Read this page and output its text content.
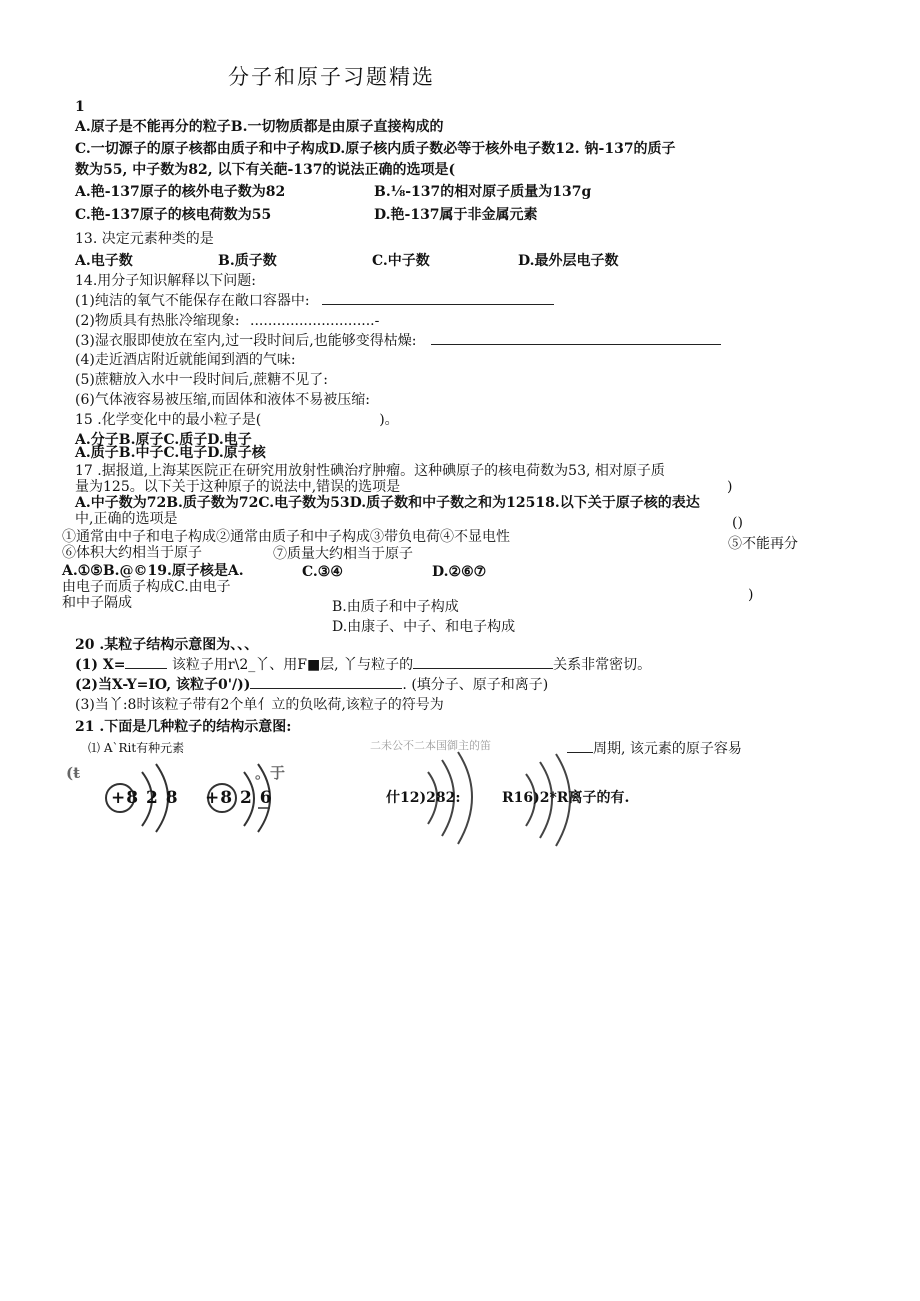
分子和原子习题精选
1
A.原子是不能再分的粒子B.一切物质都是由原子直接构成的
C.一切源子的原子核都由质子和中子构成D.原子核内质子数必等于核外电子数12. 钠-137的质子
数为55, 中子数为82, 以下有关葩-137的说法正确的选项是(
A.艳-137原子的核外电子数为82	B.⅛-137的相对原子质量为137g
C.艳-137原子的核电荷数为55	D.艳-137属于非金属元素
13. 决定元素种类的是
A.电子数	B.质子数	C.中子数	D.最外层电子数
14.用分子知识解释以下问题:
(1)纯洁的氧气不能保存在敞口容器中:
(2)物质具有热胀冷缩现象: ............................-
(3)湿衣服即使放在室内,过一段时间后,也能够变得枯燥:
(4)走近酒店附近就能闻到酒的气味:
(5)蔗糖放入水中一段时间后,蔗糖不见了:
(6)气体液容易被压缩,而固体和液体不易被压缩:
15 .化学变化中的最小粒子是(	)。
A.分子B.原子C.质子D.电子
A.质子B.中子C.电子D.原子核
17 .据报道,上海某医院正在研究用放射性碘治疗肿瘤。这种碘原子的核电荷数为53, 相对原子质
量为125。以下关于这种原子的说法中,错误的选项是	)
A.中子数为72B.质子数为72C.电子数为53D.质子数和中子数之和为12518.以下关于原子核的表达
中,正确的选项是	()
①通常由中子和电子构成②通常由质子和中子构成③带负电荷④不显电性	⑤不能再分
⑥体积大约相当于原子	⑦质量大约相当于原子
A.①⑤B.@©19.原子核是A.	C.③④	D.②⑥⑦
由电子而质子构成C.由电子
和中子隔成	)
B.由质子和中子构成
D.由康子、中子、和电子构成
20 .某粒子结构示意图为、、、
(1) X=	该粒子用r\2_丫、用F■层, 丫与粒子的	关系非常密切。
(2)当X-Y=IO, 该粒子0'/))	. (填分子、原子和离子)
(3)当丫:8时该粒子带有2个单亻立的负吆荷,该粒子的符号为
21 .下面是几种粒子的结构示意图:
⑴ A`Rit有种元素	二未公不二本国御主的笛	周期, 该元素的原子容易
(ŧ	。于
+8 2 8 +8 2 6	什12)282:	R16)2*R离子的有.
